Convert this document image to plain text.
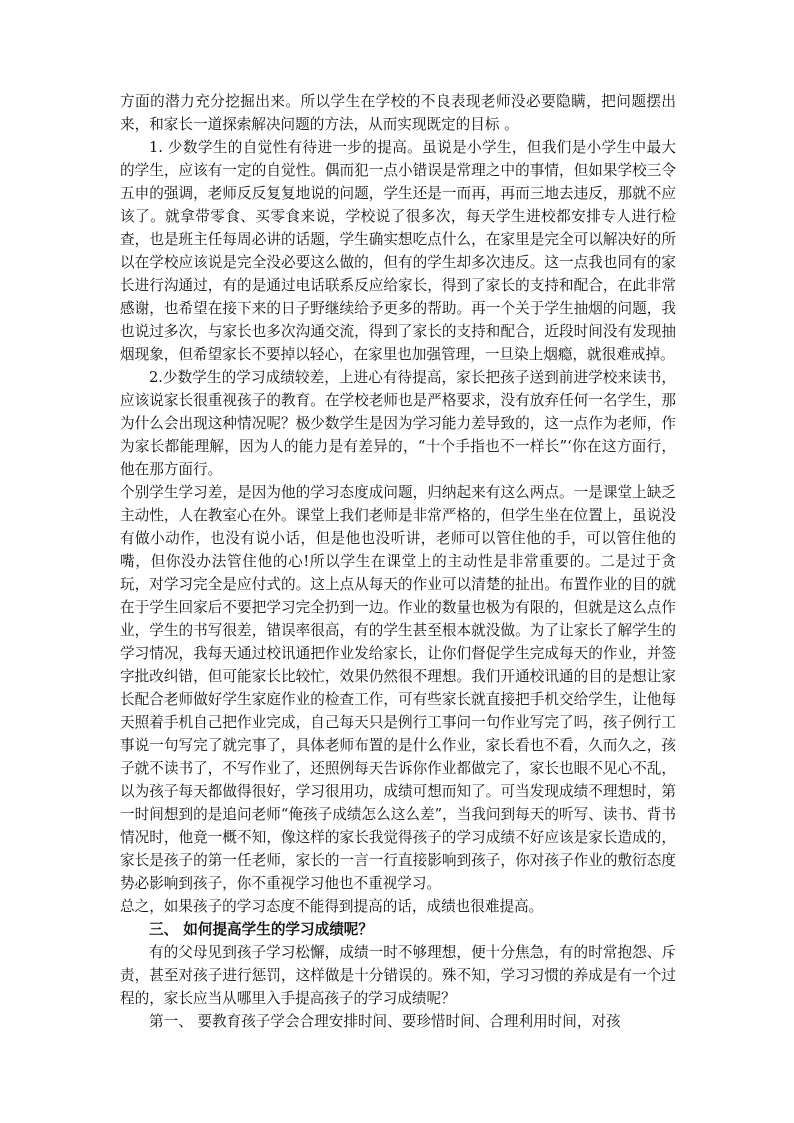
方面的潜力充分挖掘出来。所以学生在学校的不良表现老师没必要隐瞒，把问题摆出来，和家长一道探索解决问题的方法，从而实现既定的目标 。

1. 少数学生的自觉性有待进一步的提高。虽说是小学生，但我们是小学生中最大的学生，应该有一定的自觉性。偶而犯一点小错误是常理之中的事情，但如果学校三令五申的强调，老师反反复复地说的问题，学生还是一而再，再而三地去违反，那就不应该了。就拿带零食、买零食来说，学校说了很多次，每天学生进校都安排专人进行检查，也是班主任每周必讲的话题，学生确实想吃点什么，在家里是完全可以解决好的所以在学校应该说是完全没必要这么做的，但有的学生却多次违反。这一点我也同有的家长进行沟通过，有的是通过电话联系反应给家长，得到了家长的支持和配合，在此非常感谢，也希望在接下来的日子野继续给予更多的帮助。再一个关于学生抽烟的问题，我也说过多次，与家长也多次沟通交流，得到了家长的支持和配合，近段时间没有发现抽烟现象，但希望家长不要掉以轻心，在家里也加强管理，一旦染上烟瘾，就很难戒掉。

2.少数学生的学习成绩较差，上进心有待提高，家长把孩子送到前进学校来读书，应该说家长很重视孩子的教育。在学校老师也是严格要求，没有放弃任何一名学生，那为什么会出现这种情况呢？极少数学生是因为学习能力差导致的，这一点作为老师，作为家长都能理解，因为人的能力是有差异的，“十个手指也不一样长”‘你在这方面行，他在那方面行。

个别学生学习差，是因为他的学习态度成问题，归纳起来有这么两点。一是课堂上缺乏主动性，人在教室心在外。课堂上我们老师是非常严格的，但学生坐在位置上，虽说没有做小动作，也没有说小话，但是他也没听讲，老师可以管住他的手，可以管住他的嘴，但你没办法管住他的心!所以学生在课堂上的主动性是非常重要的。二是过于贪玩，对学习完全是应付式的。这上点从每天的作业可以清楚的扯出。布置作业的目的就在于学生回家后不要把学习完全扔到一边。作业的数量也极为有限的，但就是这么点作业，学生的书写很差，错误率很高，有的学生甚至根本就没做。为了让家长了解学生的学习情况，我每天通过校讯通把作业发给家长，让你们督促学生完成每天的作业，并签字批改纠错，但可能家长比较忙，效果仍然很不理想。我们开通校讯通的目的是想让家长配合老师做好学生家庭作业的检查工作，可有些家长就直接把手机交给学生，让他每天照着手机自己把作业完成，自己每天只是例行工事问一句作业写完了吗，孩子例行工事说一句写完了就完事了，具体老师布置的是什么作业，家长看也不看，久而久之，孩子就不读书了，不写作业了，还照例每天告诉你作业都做完了，家长也眼不见心不乱，以为孩子每天都做得很好，学习很用功，成绩可想而知了。可当发现成绩不理想时，第一时间想到的是追问老师“俺孩子成绩怎么这么差”，当我问到每天的听写、读书、背书情况时，他竟一概不知，像这样的家长我觉得孩子的学习成绩不好应该是家长造成的，家长是孩子的第一任老师，家长的一言一行直接影响到孩子，你对孩子作业的敷衍态度势必影响到孩子，你不重视学习他也不重视学习。

总之，如果孩子的学习态度不能得到提高的话，成绩也很难提高。

三、 如何提高学生的学习成绩呢？

有的父母见到孩子学习松懈，成绩一时不够理想，便十分焦急，有的时常抱怨、斥责，甚至对孩子进行惩罚，这样做是十分错误的。殊不知，学习习惯的养成是有一个过程的，家长应当从哪里入手提高孩子的学习成绩呢？

第一、 要教育孩子学会合理安排时间、要珍惜时间、合理利用时间，对孩
